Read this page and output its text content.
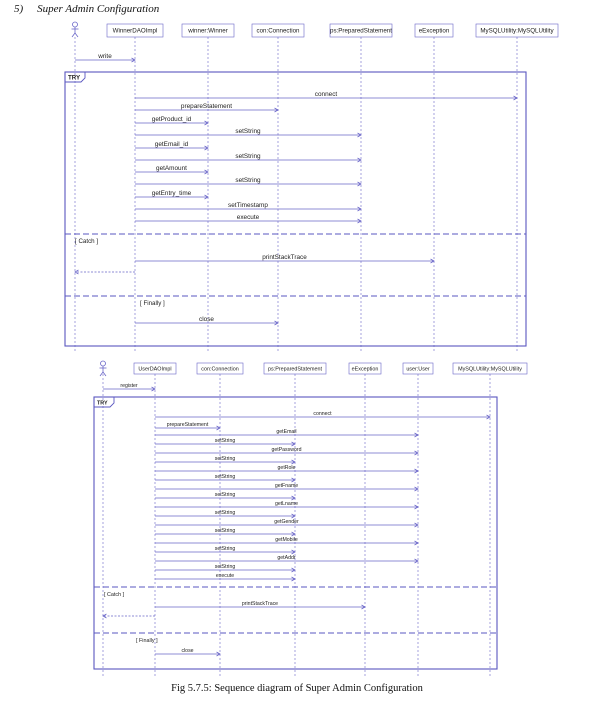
5) Super Admin Configuration
WinnerDAOImpl	winner:Winner	con:Connection	ps:PreparedStatement	eException	MySQLUtility:MySQLUtility
TRY
[ Catch ]
[ Finally ]
write
connect
prepareStatement
getProduct_id
setString
getEmail_id
setString
getAmount
setString
getEntry_time
setTimestamp
execute
printStackTrace
close
UserDAOImpl	con:Connection	ps:PreparedStatement	eException	user:User	MySQLUtility:MySQLUtility
TRY
[ Catch ]
[ Finally ]
register
connect
prepareStatement
getEmail
setString
getPassword
setString
getRole
setString
getFname
setString
getLname
setString
getGender
setString
getMobile
setString
getAddr
setString
execute
printStackTrace
close
Fig 5.7.5: Sequence diagram of Super Admin Configuration
